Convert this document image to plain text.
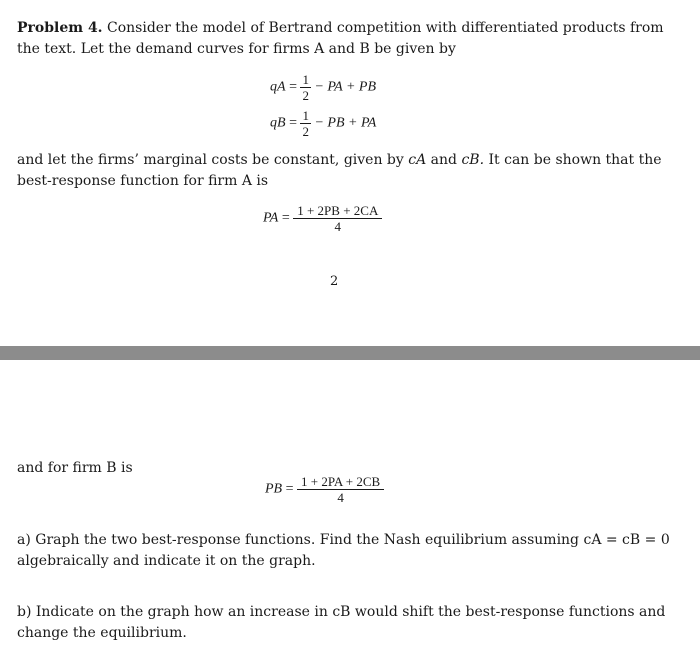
Problem 4. Consider the model of Bertrand competition with differentiated products from the text. Let the demand curves for firms A and B be given by
qA = $\frac{1}{2}$ − PA + PB
qB = $\frac{1}{2}$ − PB + PA
and let the firms’ marginal costs be constant, given by cA and cB. It can be shown that the best-response function for firm A is
PA = $\frac{1 + 2PB + 2CA}{4}$
2
and for firm B is
PB = $\frac{1 + 2PA + 2CB}{4}$
a) Graph the two best-response functions. Find the Nash equilibrium assuming cA = cB = 0 algebraically and indicate it on the graph.
b) Indicate on the graph how an increase in cB would shift the best-response functions and change the equilibrium.
